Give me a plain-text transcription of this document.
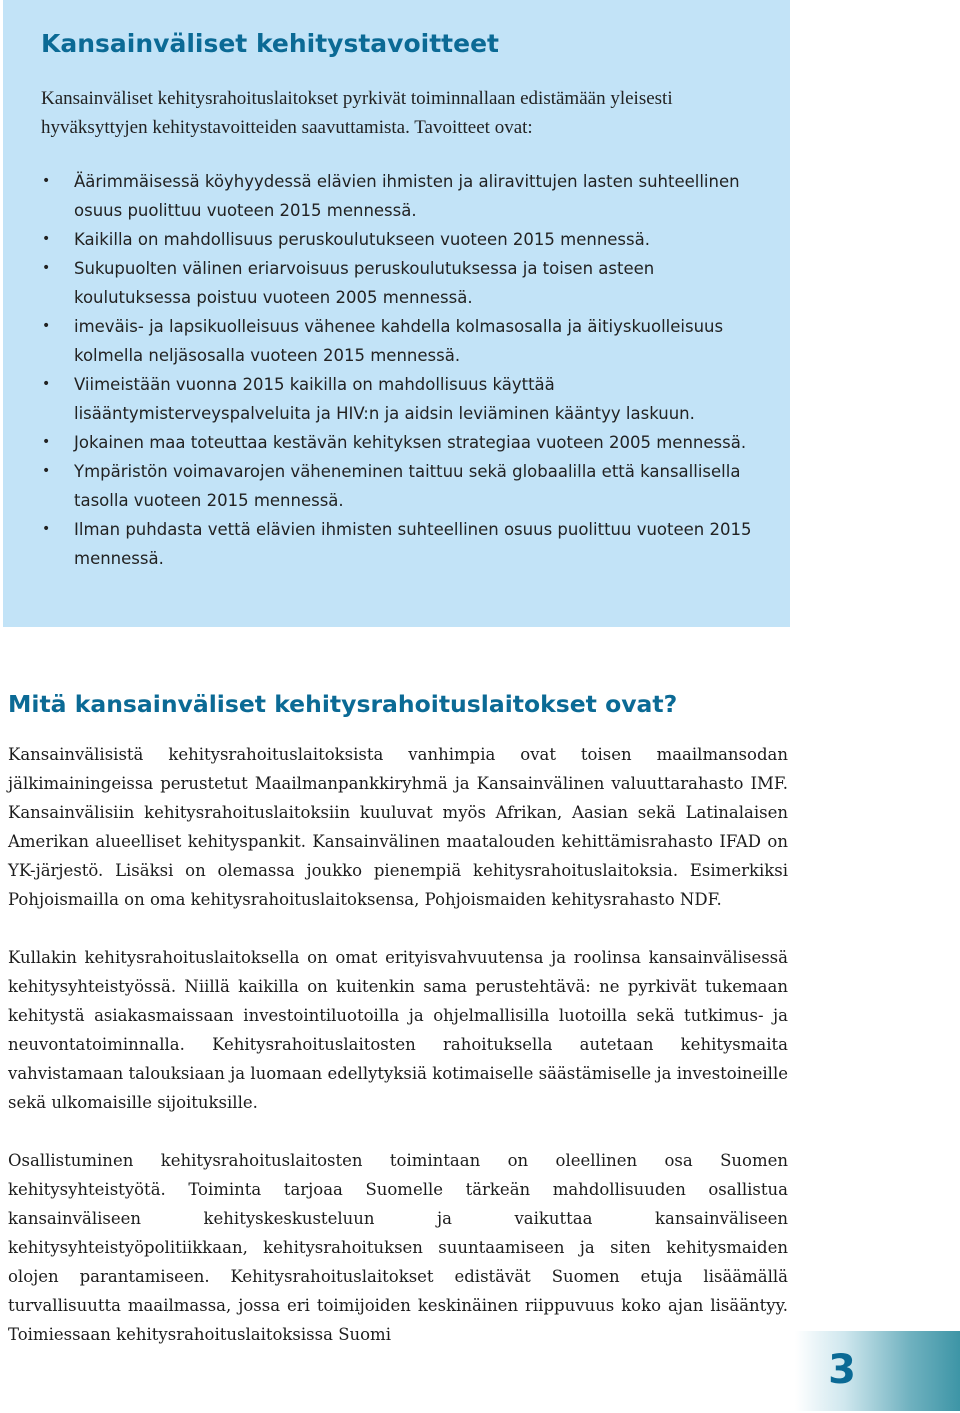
Kansainväliset kehitystavoitteet

Kansainväliset kehitysrahoituslaitokset pyrkivät toiminnallaan edistämään yleisesti hyväksyttyjen kehitystavoitteiden saavuttamista. Tavoitteet ovat:

• Äärimmäisessä köyhyydessä elävien ihmisten ja aliravittujen lasten suhteellinen osuus puolittuu vuoteen 2015 mennessä.
• Kaikilla on mahdollisuus peruskoulutukseen vuoteen 2015 mennessä.
• Sukupuolten välinen eriarvoisuus peruskoulutuksessa ja toisen asteen koulutuksessa poistuu vuoteen 2005 mennessä.
• imeväis- ja lapsikuolleisuus vähenee kahdella kolmasosalla ja äitiyskuolleisuus kolmella neljäsosalla vuoteen 2015 mennessä.
• Viimeistään vuonna 2015 kaikilla on mahdollisuus käyttää lisääntymisterveyspalveluita ja HIV:n ja aidsin leviäminen kääntyy laskuun.
• Jokainen maa toteuttaa kestävän kehityksen strategiaa vuoteen 2005 mennessä.
• Ympäristön voimavarojen väheneminen taittuu sekä globaalilla että kansallisella tasolla vuoteen 2015 mennessä.
• Ilman puhdasta vettä elävien ihmisten suhteellinen osuus puolittuu vuoteen 2015 mennessä.
Mitä kansainväliset kehitysrahoituslaitokset ovat?

Kansainvälisistä kehitysrahoituslaitoksista vanhimpia ovat toisen maailmansodan jälkimainingeissa perustetut Maailmanpankkiryhmä ja Kansainvälinen valuuttarahasto IMF. Kansainvälisiin kehitysrahoituslaitoksiin kuuluvat myös Afrikan, Aasian sekä Latinalaisen Amerikan alueelliset kehityspankit. Kansainvälinen maatalouden kehittämisrahasto IFAD on YK-järjestö. Lisäksi on olemassa joukko pienempiä kehitysrahoituslaitoksia. Esimerkiksi Pohjoismailla on oma kehitysrahoituslaitoksensa, Pohjoismaiden kehitysrahasto NDF.

Kullakin kehitysrahoituslaitoksella on omat erityisvahvuutensa ja roolinsa kansainvälisessä kehitysyhteistyössä. Niillä kaikilla on kuitenkin sama perustehtävä: ne pyrkivät tukemaan kehitystä asiakasmaissaan investointiluotoilla ja ohjelmallisilla luotoilla sekä tutkimus- ja neuvontatoiminnalla. Kehitysrahoituslaitosten rahoituksella autetaan kehitysmaita vahvistamaan talouksiaan ja luomaan edellytyksiä kotimaiselle säästämiselle ja investoineille sekä ulkomaisille sijoituksille.

Osallistuminen kehitysrahoituslaitosten toimintaan on oleellinen osa Suomen kehitysyhteistyötä. Toiminta tarjoaa Suomelle tärkeän mahdollisuuden osallistua kansainväliseen kehityskeskusteluun ja vaikuttaa kansainväliseen kehitysyhteistyöpolitiikkaan, kehitysrahoituksen suuntaamiseen ja siten kehitysmaiden olojen parantamiseen. Kehitysrahoituslaitokset edistävät Suomen etuja lisäämällä turvallisuutta maailmassa, jossa eri toimijoiden keskinäinen riippuvuus koko ajan lisääntyy. Toimiessaan kehitysrahoituslaitoksissa Suomi

3
